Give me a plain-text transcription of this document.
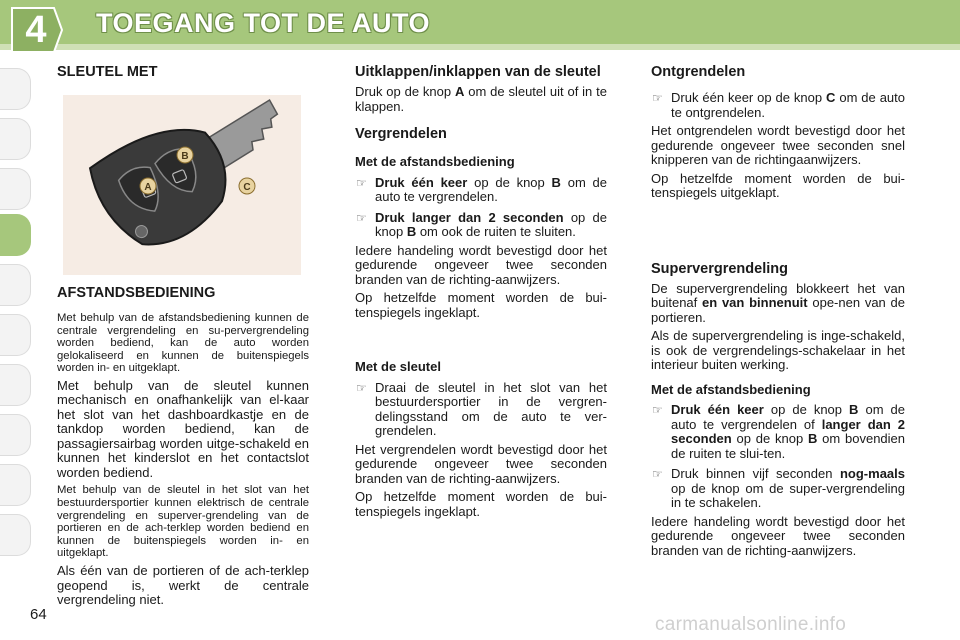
4	TOEGANG TOT DE AUTO
SLEUTEL MET
AFSTANDSBEDIENING

Met behulp van de afstandsbediening kunnen de centrale vergrendeling en su-pervergrendeling worden bediend, kan de auto worden gelokaliseerd en kunnen de buitenspiegels worden in- en uitgeklapt.

Met behulp van de sleutel kunnen mechanisch en onafhankelijk van el-kaar het slot van het dashboardkastje en de tankdop worden bediend, kan de passagiersairbag worden uitge-schakeld en kunnen het kinderslot en het contactslot worden bediend.

Met behulp van de sleutel in het slot van het bestuurdersportier kunnen elektrisch de centrale vergrendeling en superver-grendeling van de portieren en de ach-terklep worden bediend en kunnen de buitenspiegels worden in- en uitgeklapt.

Als één van de portieren of de ach-terklep geopend is, werkt de centrale vergrendeling niet.

B
A	C
Uitklappen/inklappen van de sleutel

Druk op de knop A om de sleutel uit of in te klappen.

Vergrendelen
Met de afstandsbediening
☞ Druk één keer op de knop B om de auto te vergrendelen.
☞ Druk langer dan 2 seconden op de knop B om ook de ruiten te sluiten.

Iedere handeling wordt bevestigd door het gedurende ongeveer twee seconden branden van de richting-aanwijzers.

Op hetzelfde moment worden de bui-tenspiegels ingeklapt.

Met de sleutel
☞ Draai de sleutel in het slot van het bestuurdersportier in de vergren-delingsstand om de auto te ver-grendelen.

Het vergrendelen wordt bevestigd door het gedurende ongeveer twee seconden branden van de richting-aanwijzers.

Op hetzelfde moment worden de bui-tenspiegels ingeklapt.

Ontgrendelen
☞ Druk één keer op de knop C om de auto te ontgrendelen.

Het ontgrendelen wordt bevestigd door het gedurende ongeveer twee seconden snel knipperen van de richtingaanwijzers.

Op hetzelfde moment worden de bui-tenspiegels uitgeklapt.

Supervergrendeling

De supervergrendeling blokkeert het van buitenaf en van binnenuit ope-nen van de portieren.

Als de supervergrendeling is inge-schakeld, is ook de vergrendelings-schakelaar in het interieur buiten werking.

Met de afstandsbediening
☞ Druk één keer op de knop B om de auto te vergrendelen of langer dan 2 seconden op de knop B om bovendien de ruiten te slui-ten.
☞ Druk binnen vijf seconden nog-maals op de knop om de super-vergrendeling in te schakelen.

Iedere handeling wordt bevestigd door het gedurende ongeveer twee seconden branden van de richting-aanwijzers.

64	carmanualsonline.info
